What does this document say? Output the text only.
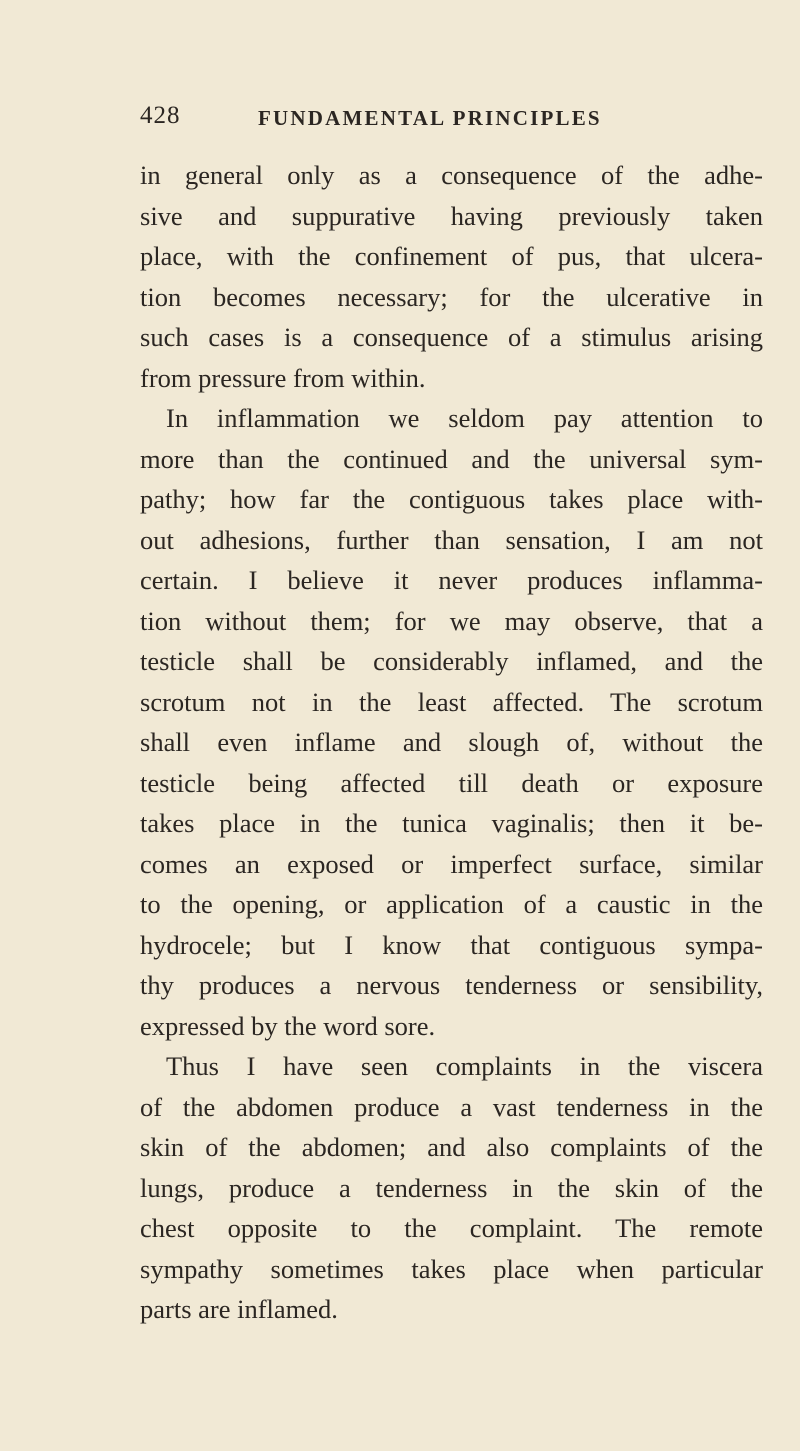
428	FUNDAMENTAL PRINCIPLES
in general only as a consequence of the adhe-
sive and suppurative having previously taken
place, with the confinement of pus, that ulcera-
tion becomes necessary; for the ulcerative in
such cases is a consequence of a stimulus arising
from pressure from within.
In inflammation we seldom pay attention to
more than the continued and the universal sym-
pathy; how far the contiguous takes place with-
out adhesions, further than sensation, I am not
certain. I believe it never produces inflamma-
tion without them; for we may observe, that a
testicle shall be considerably inflamed, and the
scrotum not in the least affected. The scrotum
shall even inflame and slough of, without the
testicle being affected till death or exposure
takes place in the tunica vaginalis; then it be-
comes an exposed or imperfect surface, similar
to the opening, or application of a caustic in the
hydrocele; but I know that contiguous sympa-
thy produces a nervous tenderness or sensibility,
expressed by the word sore.
Thus I have seen complaints in the viscera
of the abdomen produce a vast tenderness in the
skin of the abdomen; and also complaints of the
lungs, produce a tenderness in the skin of the
chest opposite to the complaint. The remote
sympathy sometimes takes place when particular
parts are inflamed.
